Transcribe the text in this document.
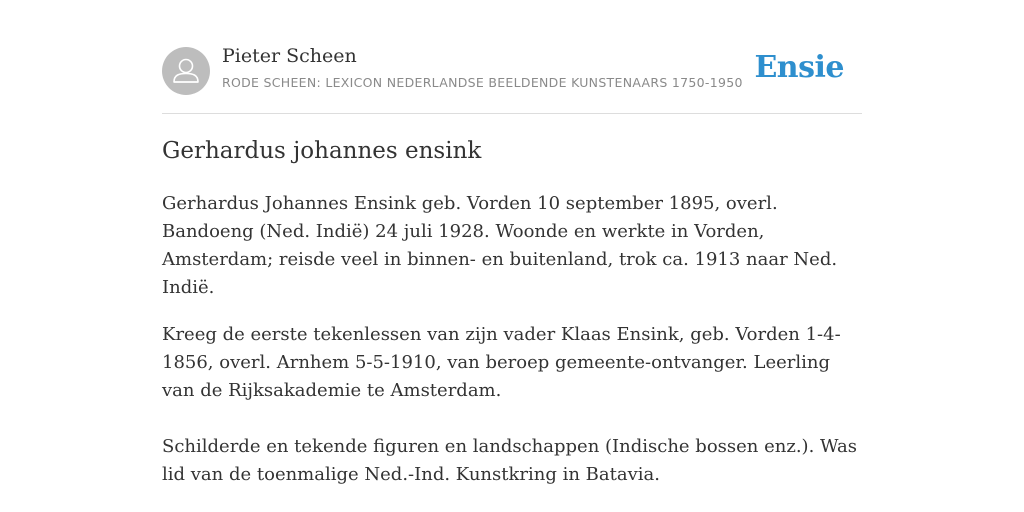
Pieter Scheen
RODE SCHEEN: LEXICON NEDERLANDSE BEELDENDE KUNSTENAARS 1750-1950 Ensie
Gerhardus johannes ensink

Gerhardus Johannes Ensink geb. Vorden 10 september 1895, overl. Bandoeng (Ned. Indië) 24 juli 1928. Woonde en werkte in Vorden, Amsterdam; reisde veel in binnen- en buitenland, trok ca. 1913 naar Ned. Indië.

Kreeg de eerste tekenlessen van zijn vader Klaas Ensink, geb. Vorden 1-4-1856, overl. Arnhem 5-5-1910, van beroep gemeente-ontvanger. Leerling van de Rijksakademie te Amsterdam.

Schilderde en tekende figuren en landschappen (Indische bossen enz.). Was lid van de toenmalige Ned.-Ind. Kunstkring in Batavia.
